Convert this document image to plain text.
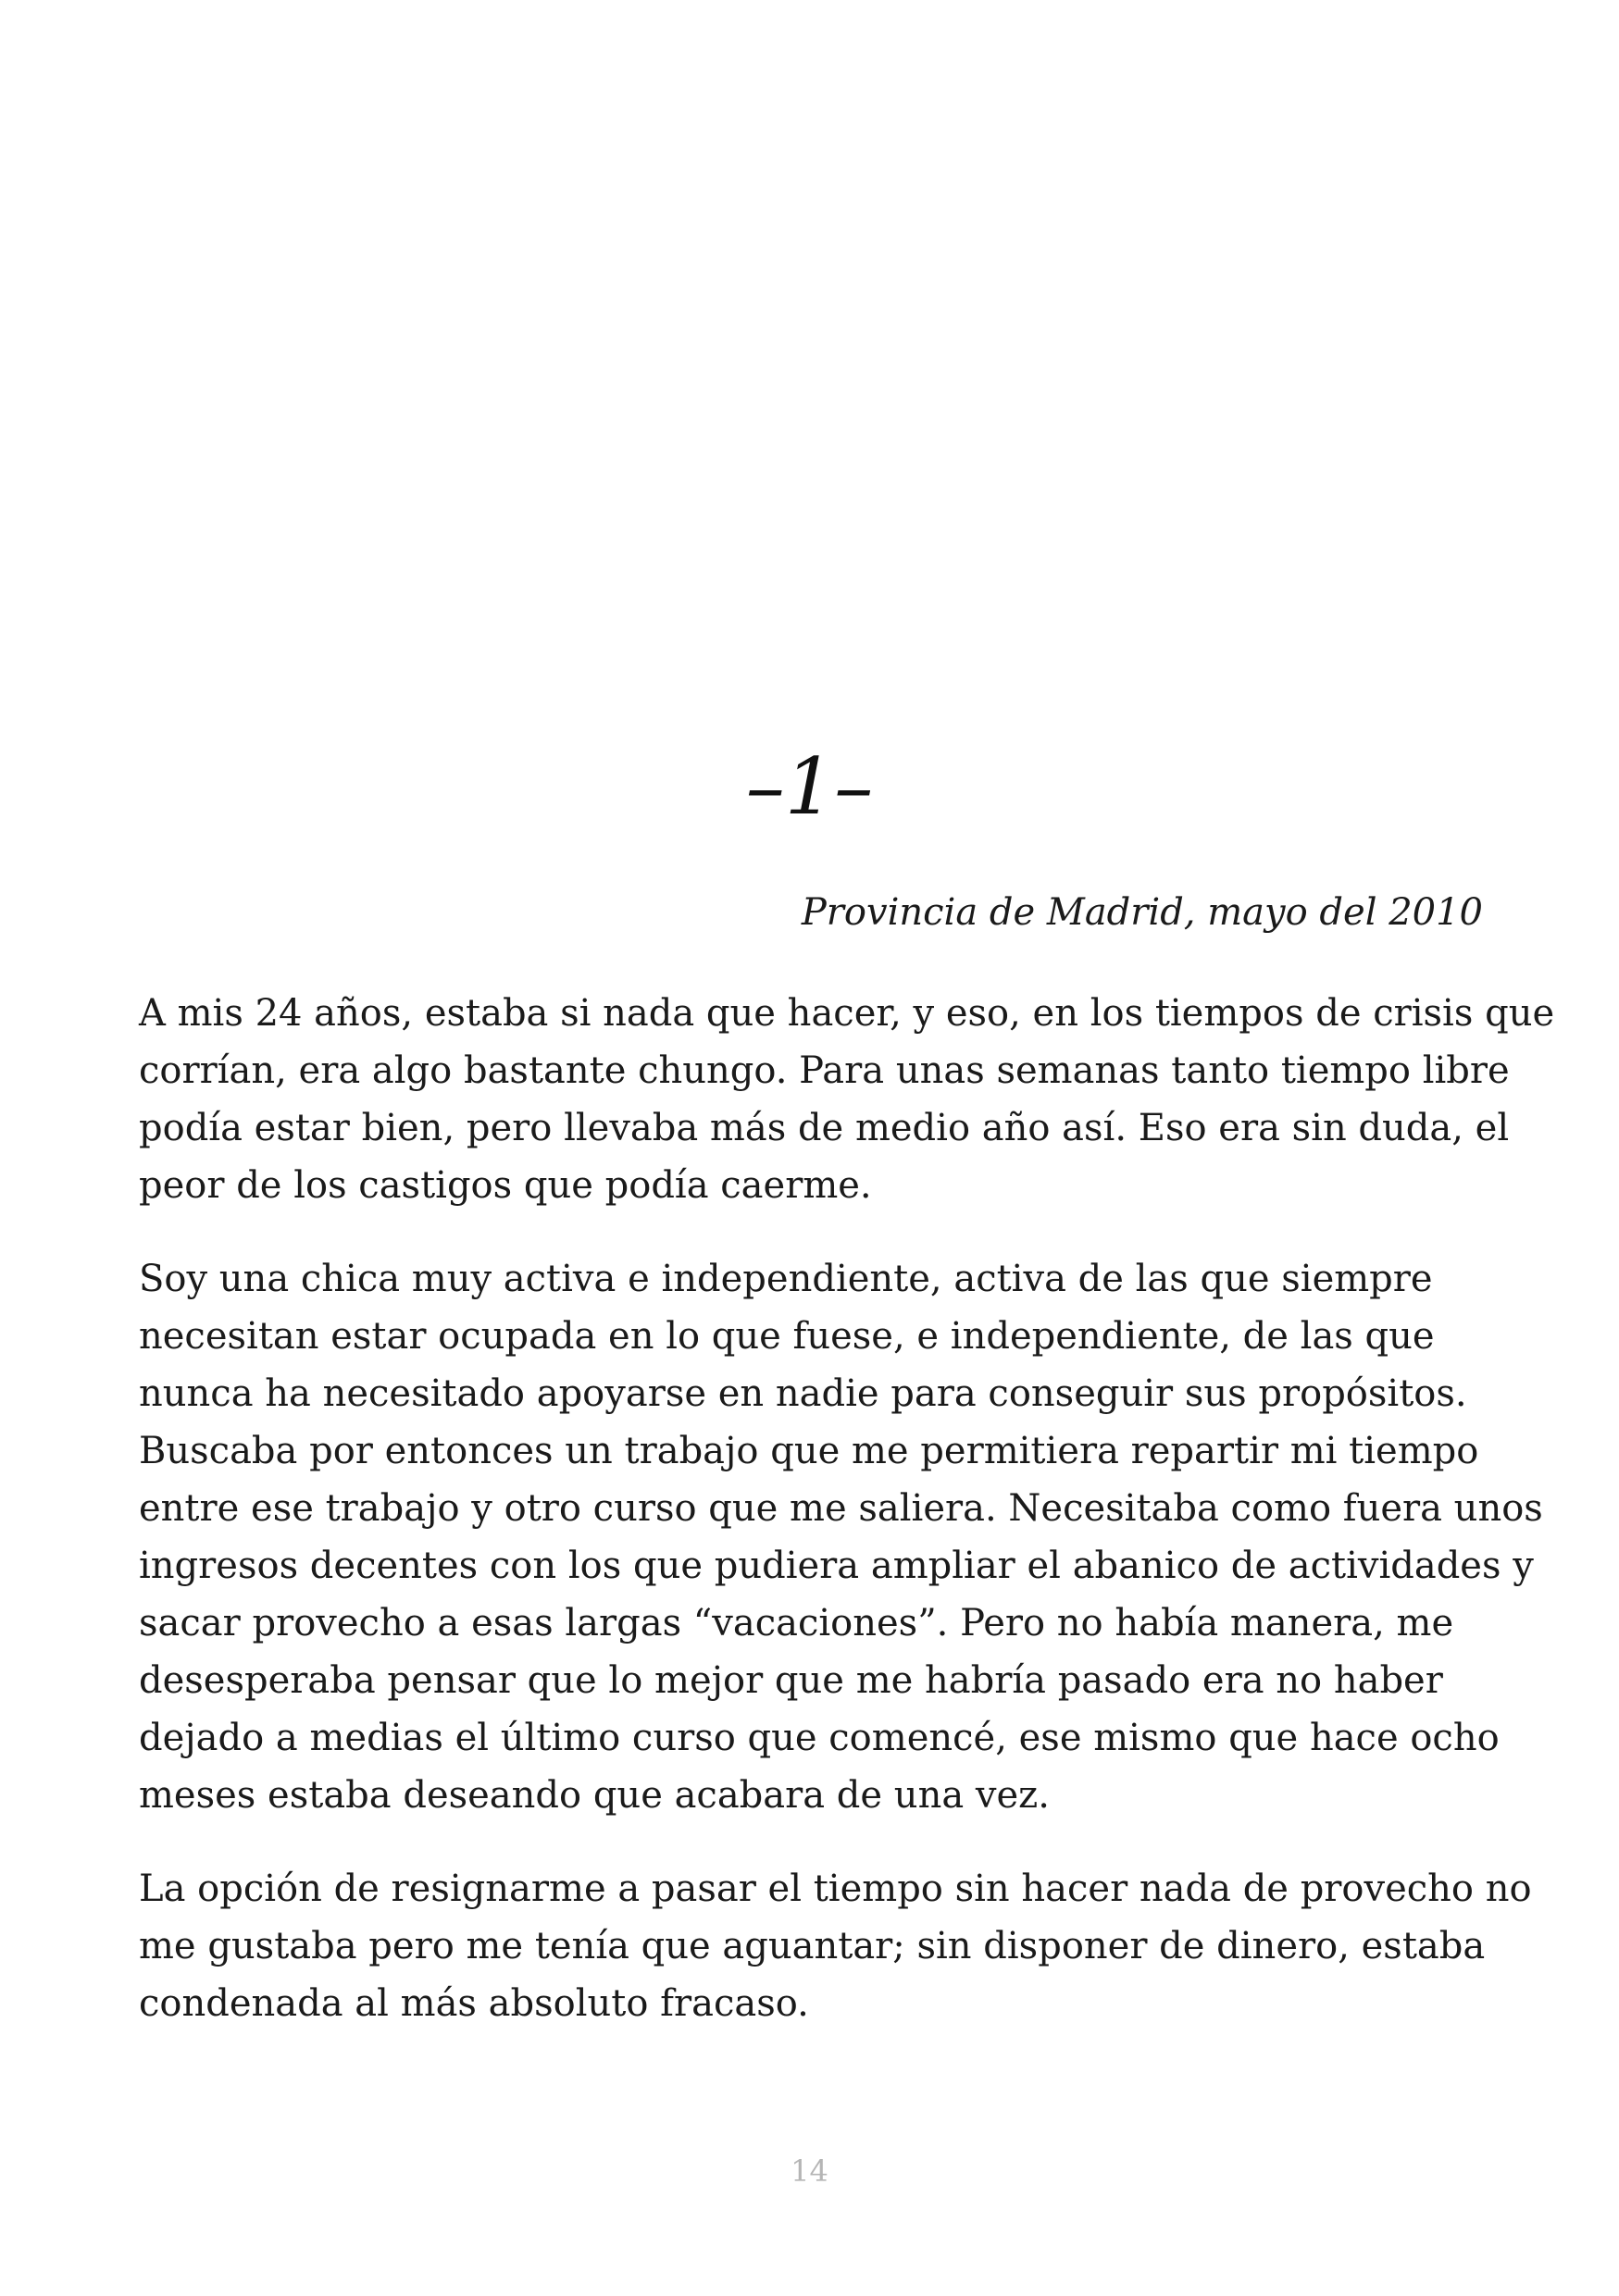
–1–

Provincia de Madrid, mayo del 2010

A mis 24 años, estaba si nada que hacer, y eso, en los tiempos de crisis que
corrían, era algo bastante chungo. Para unas semanas tanto tiempo libre
podía estar bien, pero llevaba más de medio año así. Eso era sin duda, el
peor de los castigos que podía caerme.

Soy una chica muy activa e independiente, activa de las que siempre
necesitan estar ocupada en lo que fuese, e independiente, de las que
nunca ha necesitado apoyarse en nadie para conseguir sus propósitos.
Buscaba por entonces un trabajo que me permitiera repartir mi tiempo
entre ese trabajo y otro curso que me saliera. Necesitaba como fuera unos
ingresos decentes con los que pudiera ampliar el abanico de actividades y
sacar provecho a esas largas “vacaciones”. Pero no había manera, me
desesperaba pensar que lo mejor que me habría pasado era no haber
dejado a medias el último curso que comencé, ese mismo que hace ocho
meses estaba deseando que acabara de una vez.

La opción de resignarme a pasar el tiempo sin hacer nada de provecho no
me gustaba pero me tenía que aguantar; sin disponer de dinero, estaba
condenada al más absoluto fracaso.

14
